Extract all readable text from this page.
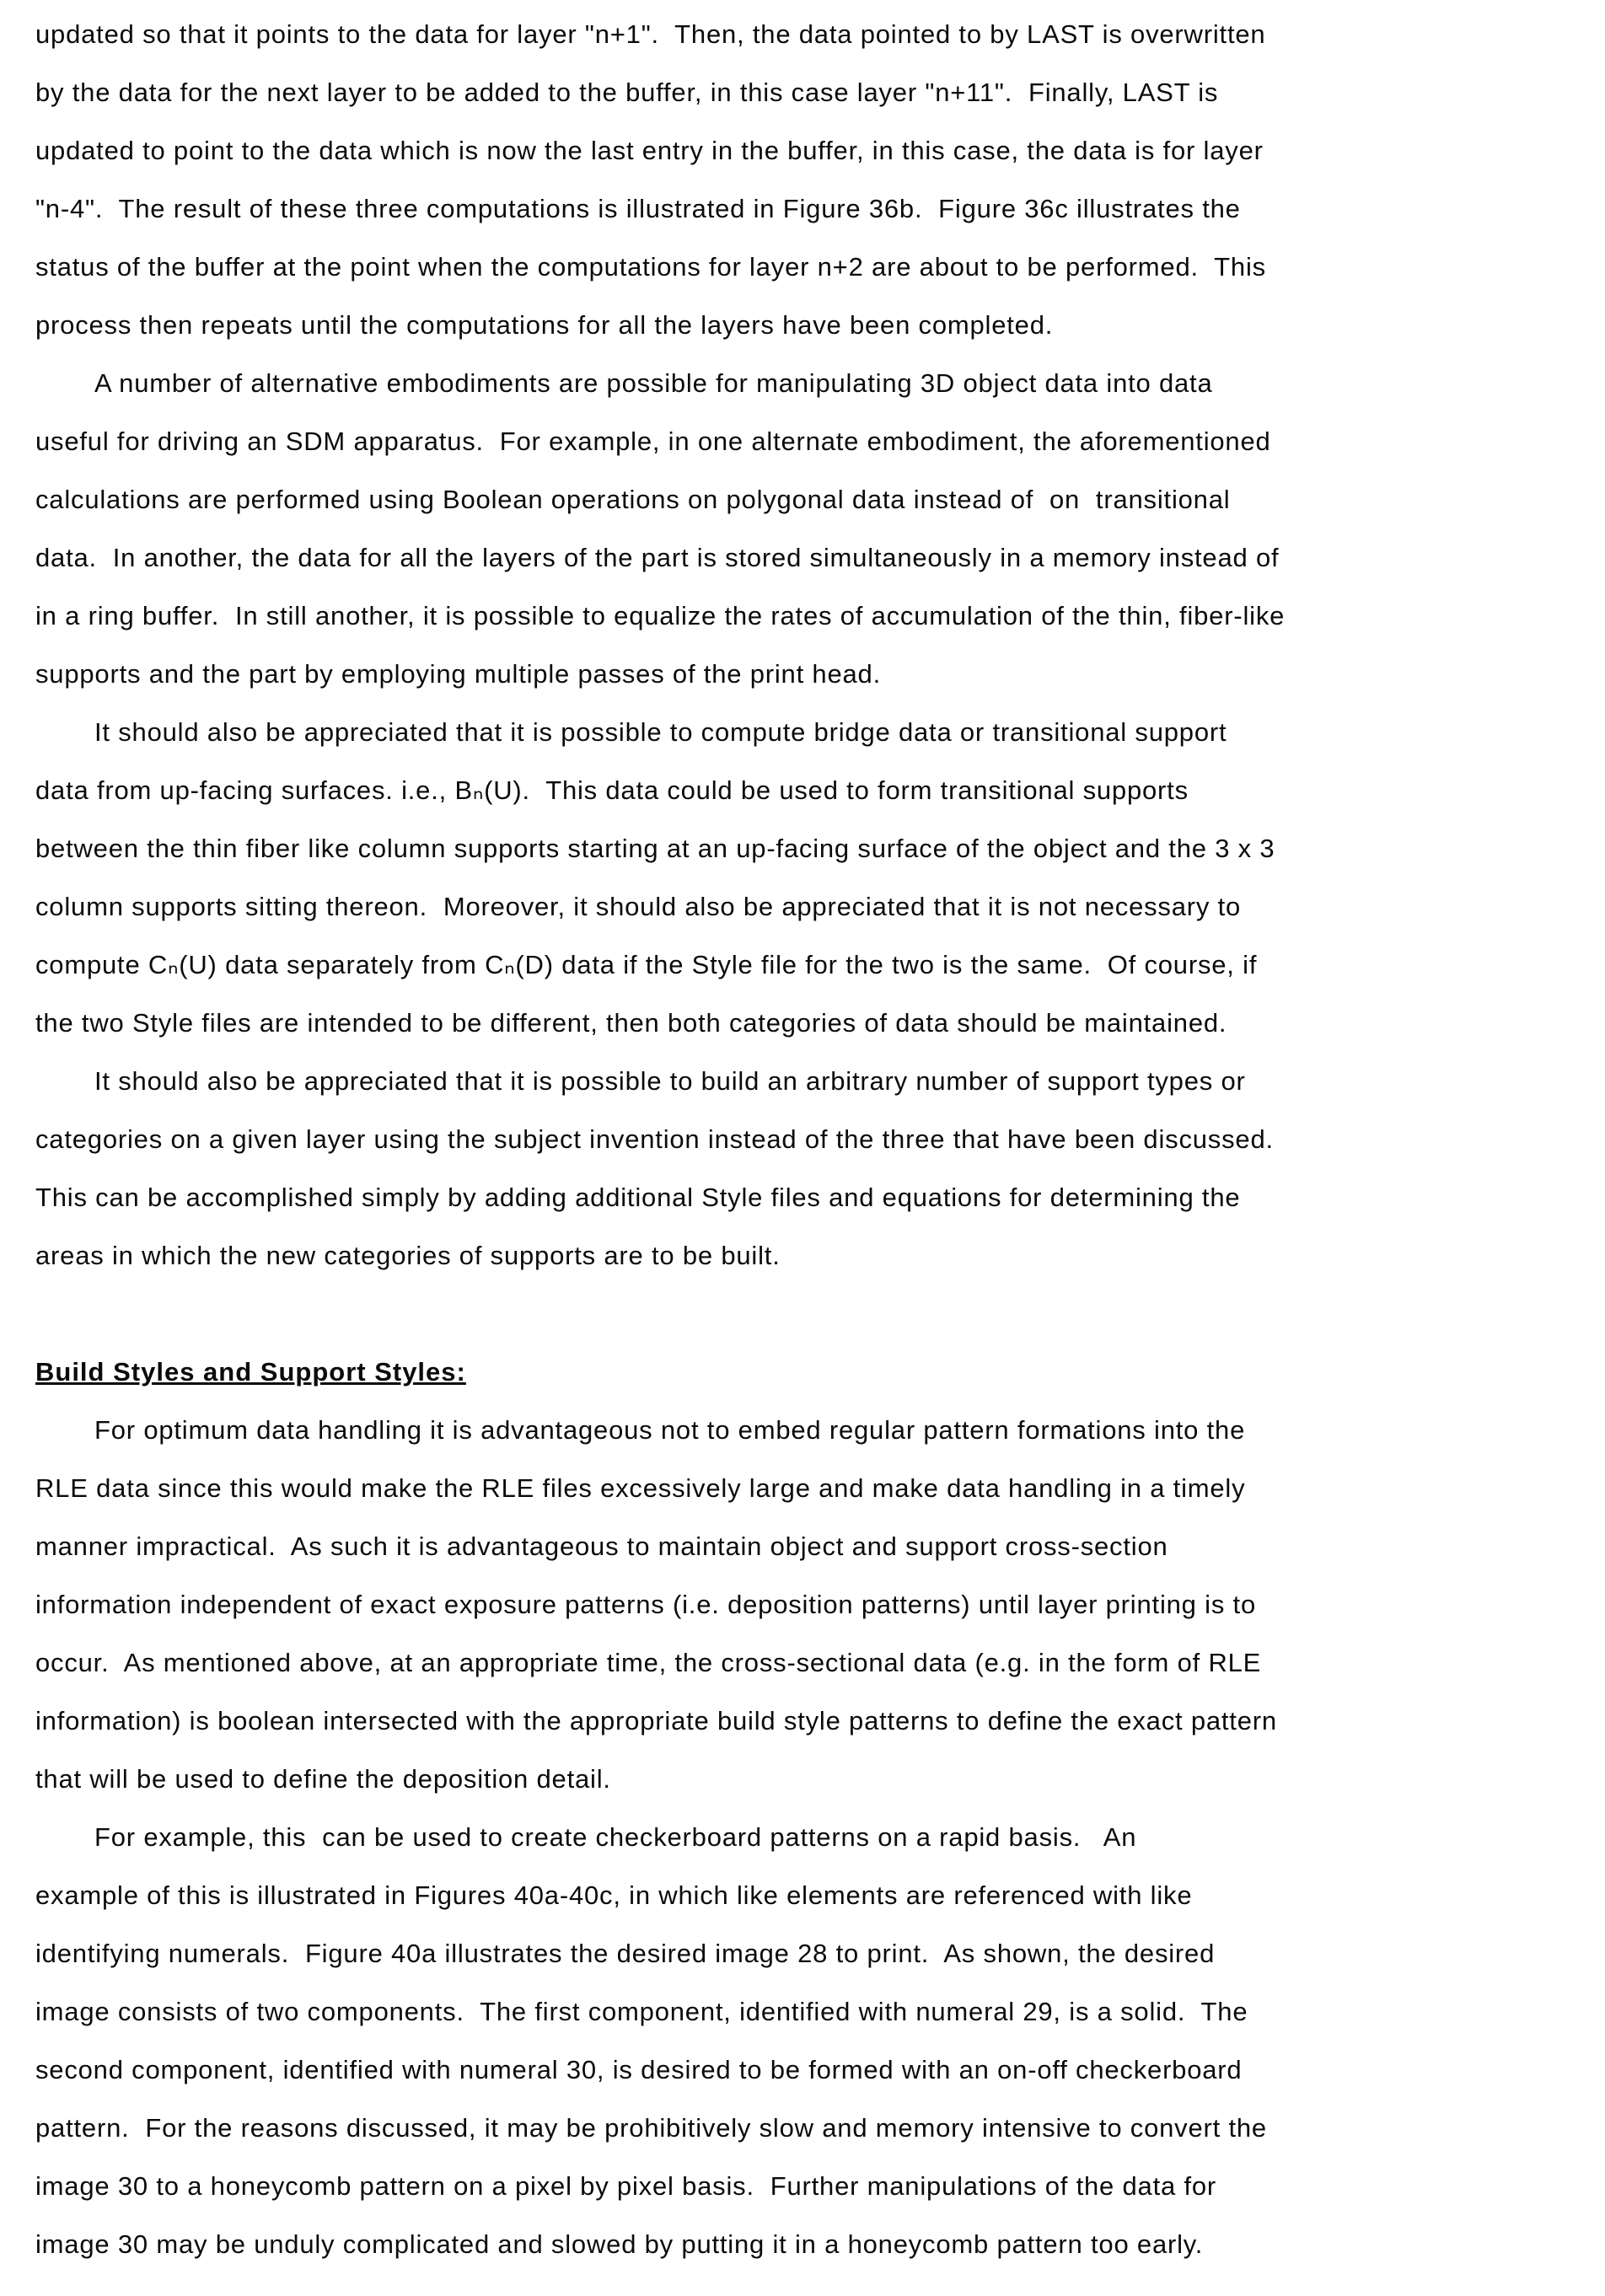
updated so that it points to the data for layer "n+1".  Then, the data pointed to by LAST is overwritten
by the data for the next layer to be added to the buffer, in this case layer "n+11".  Finally, LAST is
updated to point to the data which is now the last entry in the buffer, in this case, the data is for layer
"n-4".  The result of these three computations is illustrated in Figure 36b.  Figure 36c illustrates the
status of the buffer at the point when the computations for layer n+2 are about to be performed.  This
process then repeats until the computations for all the layers have been completed.
A number of alternative embodiments are possible for manipulating 3D object data into data
useful for driving an SDM apparatus.  For example, in one alternate embodiment, the aforementioned
calculations are performed using Boolean operations on polygonal data instead of  on  transitional
data.  In another, the data for all the layers of the part is stored simultaneously in a memory instead of
in a ring buffer.  In still another, it is possible to equalize the rates of accumulation of the thin, fiber-like
supports and the part by employing multiple passes of the print head.
It should also be appreciated that it is possible to compute bridge data or transitional support
data from up-facing surfaces. i.e., Bₙ(U).  This data could be used to form transitional supports
between the thin fiber like column supports starting at an up-facing surface of the object and the 3 x 3
column supports sitting thereon.  Moreover, it should also be appreciated that it is not necessary to
compute Cₙ(U) data separately from Cₙ(D) data if the Style file for the two is the same.  Of course, if
the two Style files are intended to be different, then both categories of data should be maintained.
It should also be appreciated that it is possible to build an arbitrary number of support types or
categories on a given layer using the subject invention instead of the three that have been discussed.
This can be accomplished simply by adding additional Style files and equations for determining the
areas in which the new categories of supports are to be built.
Build Styles and Support Styles:
For optimum data handling it is advantageous not to embed regular pattern formations into the
RLE data since this would make the RLE files excessively large and make data handling in a timely
manner impractical.  As such it is advantageous to maintain object and support cross-section
information independent of exact exposure patterns (i.e. deposition patterns) until layer printing is to
occur.  As mentioned above, at an appropriate time, the cross-sectional data (e.g. in the form of RLE
information) is boolean intersected with the appropriate build style patterns to define the exact pattern
that will be used to define the deposition detail.
For example, this  can be used to create checkerboard patterns on a rapid basis.   An
example of this is illustrated in Figures 40a-40c, in which like elements are referenced with like
identifying numerals.  Figure 40a illustrates the desired image 28 to print.  As shown, the desired
image consists of two components.  The first component, identified with numeral 29, is a solid.  The
second component, identified with numeral 30, is desired to be formed with an on-off checkerboard
pattern.  For the reasons discussed, it may be prohibitively slow and memory intensive to convert the
image 30 to a honeycomb pattern on a pixel by pixel basis.  Further manipulations of the data for
image 30 may be unduly complicated and slowed by putting it in a honeycomb pattern too early.
